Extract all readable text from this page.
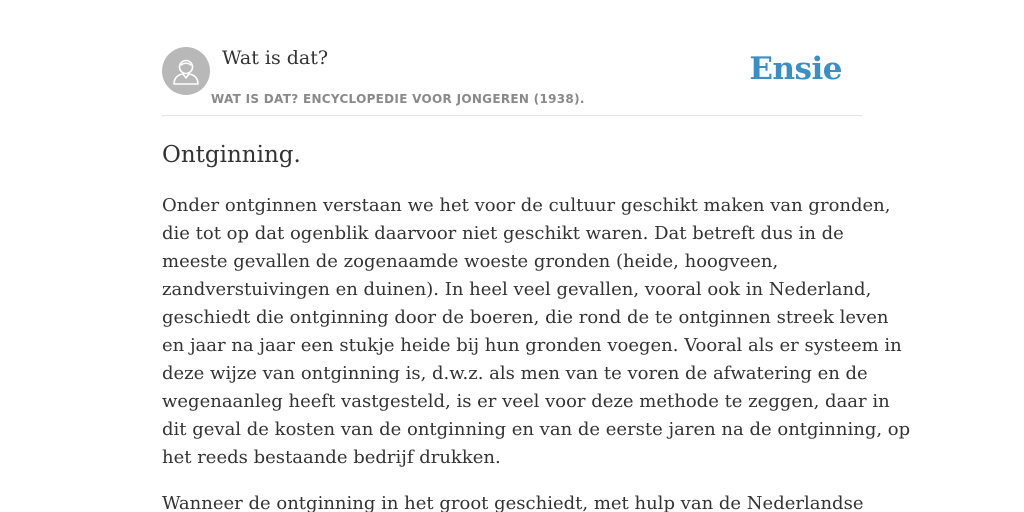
Wat is dat?
WAT IS DAT? ENCYCLOPEDIE VOOR JONGEREN (1938).
Ensie
Ontginning.

Onder ontginnen verstaan we het voor de cultuur geschikt maken van gronden,
die tot op dat ogenblik daarvoor niet geschikt waren. Dat betreft dus in de
meeste gevallen de zogenaamde woeste gronden (heide, hoogveen,
zandverstuivingen en duinen). In heel veel gevallen, vooral ook in Nederland,
geschiedt die ontginning door de boeren, die rond de te ontginnen streek leven
en jaar na jaar een stukje heide bij hun gronden voegen. Vooral als er systeem in
deze wijze van ontginning is, d.w.z. als men van te voren de afwatering en de
wegenaanleg heeft vastgesteld, is er veel voor deze methode te zeggen, daar in
dit geval de kosten van de ontginning en van de eerste jaren na de ontginning, op
het reeds bestaande bedrijf drukken.

Wanneer de ontginning in het groot geschiedt, met hulp van de Nederlandse
